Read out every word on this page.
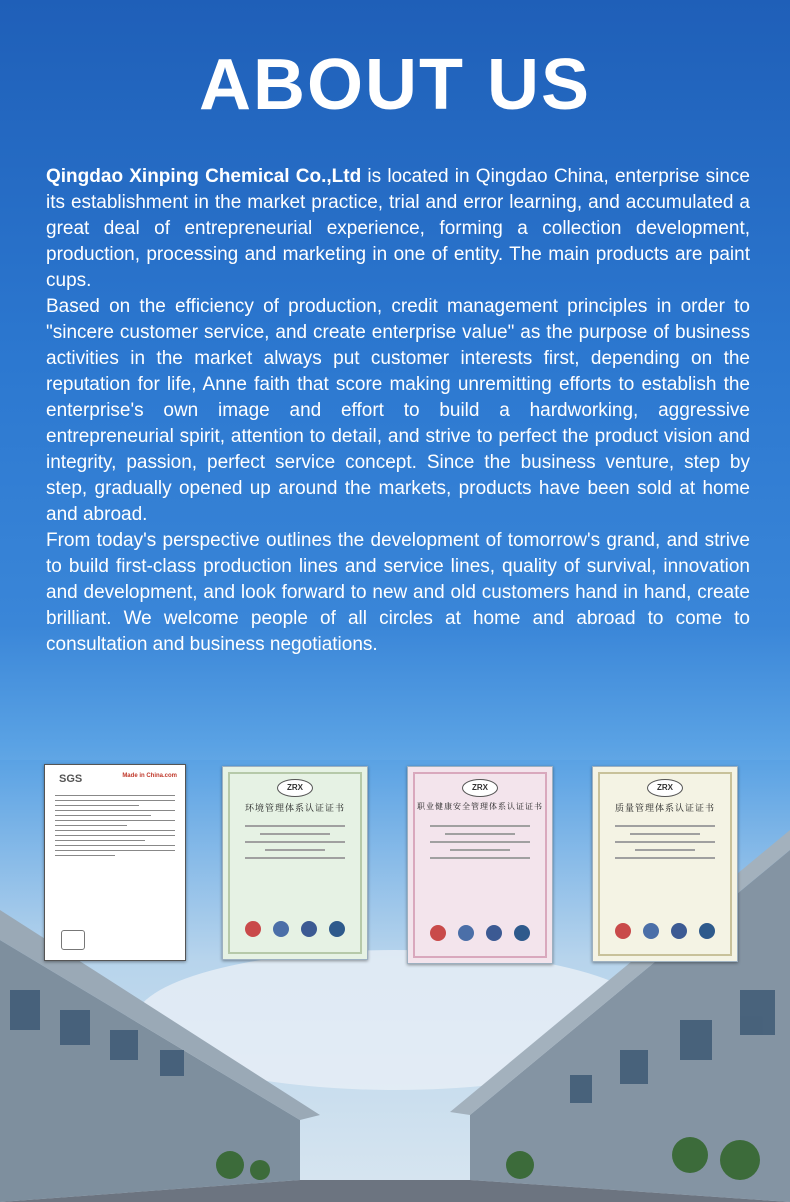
ABOUT US

Qingdao Xinping Chemical Co.,Ltd is located in Qingdao China, enterprise since its establishment in the market practice, trial and error learning, and accumulated a great deal of entrepreneurial experience, forming a collection development, production, processing and marketing in one of entity. The main products are paint cups.

Based on the efficiency of production, credit management principles in order to "sincere customer service, and create enterprise value" as the purpose of business activities in the market always put customer interests first, depending on the reputation for life, Anne faith that score making unremitting efforts to establish the enterprise's own image and effort to build a hardworking, aggressive entrepreneurial spirit, attention to detail, and strive to perfect the product vision and integrity, passion, perfect service concept. Since the business venture, step by step, gradually opened up around the markets, products have been sold at home and abroad.

From today's perspective outlines the development of tomorrow's grand, and strive to build first-class production lines and service lines, quality of survival, innovation and development, and look forward to new and old customers hand in hand, create brilliant. We welcome people of all circles at home and abroad to come to consultation and business negotiations.

SGS	Made in China.com
ZRX
环境管理体系认证证书
ZRX
职业健康安全管理体系认证证书
ZRX
质量管理体系认证证书
